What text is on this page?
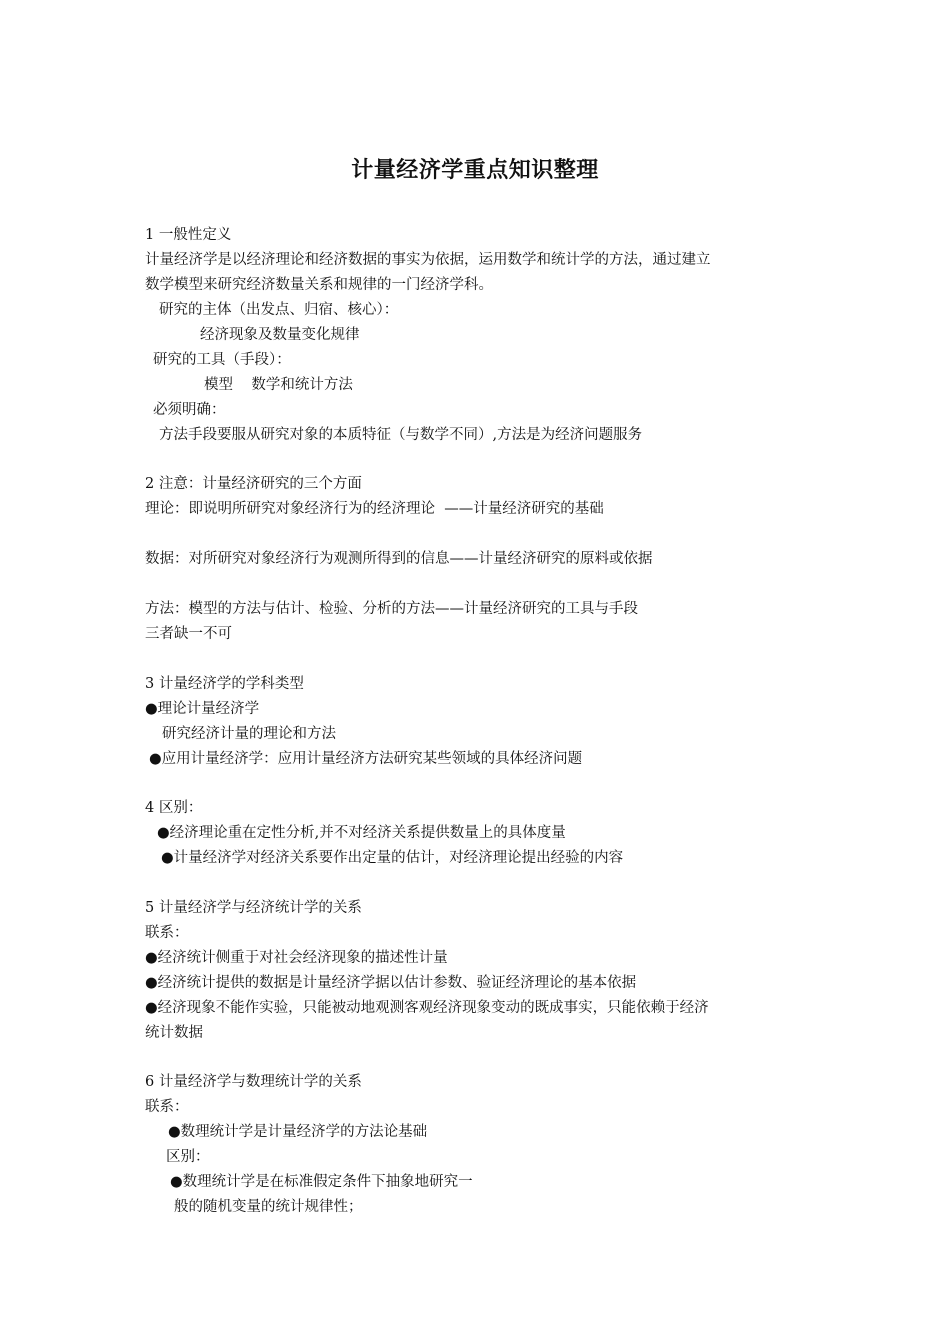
计量经济学重点知识整理
1 一般性定义
计量经济学是以经济理论和经济数据的事实为依据，运用数学和统计学的方法，通过建立
数学模型来研究经济数量关系和规律的一门经济学科。
研究的主体（出发点、归宿、核心）：
经济现象及数量变化规律
研究的工具（手段）：
模型    数学和统计方法
必须明确：
方法手段要服从研究对象的本质特征（与数学不同）,方法是为经济问题服务
2 注意：计量经济研究的三个方面
理论：即说明所研究对象经济行为的经济理论  ——计量经济研究的基础
数据：对所研究对象经济行为观测所得到的信息——计量经济研究的原料或依据
方法：模型的方法与估计、检验、分析的方法——计量经济研究的工具与手段
三者缺一不可
3 计量经济学的学科类型
●理论计量经济学
研究经济计量的理论和方法
●应用计量经济学：应用计量经济方法研究某些领域的具体经济问题
4 区别：
●经济理论重在定性分析,并不对经济关系提供数量上的具体度量
●计量经济学对经济关系要作出定量的估计，对经济理论提出经验的内容
5 计量经济学与经济统计学的关系
联系：
●经济统计侧重于对社会经济现象的描述性计量
●经济统计提供的数据是计量经济学据以估计参数、验证经济理论的基本依据
●经济现象不能作实验，只能被动地观测客观经济现象变动的既成事实，只能依赖于经济
统计数据
6 计量经济学与数理统计学的关系
联系：
●数理统计学是计量经济学的方法论基础
区别：
●数理统计学是在标准假定条件下抽象地研究一
般的随机变量的统计规律性；
